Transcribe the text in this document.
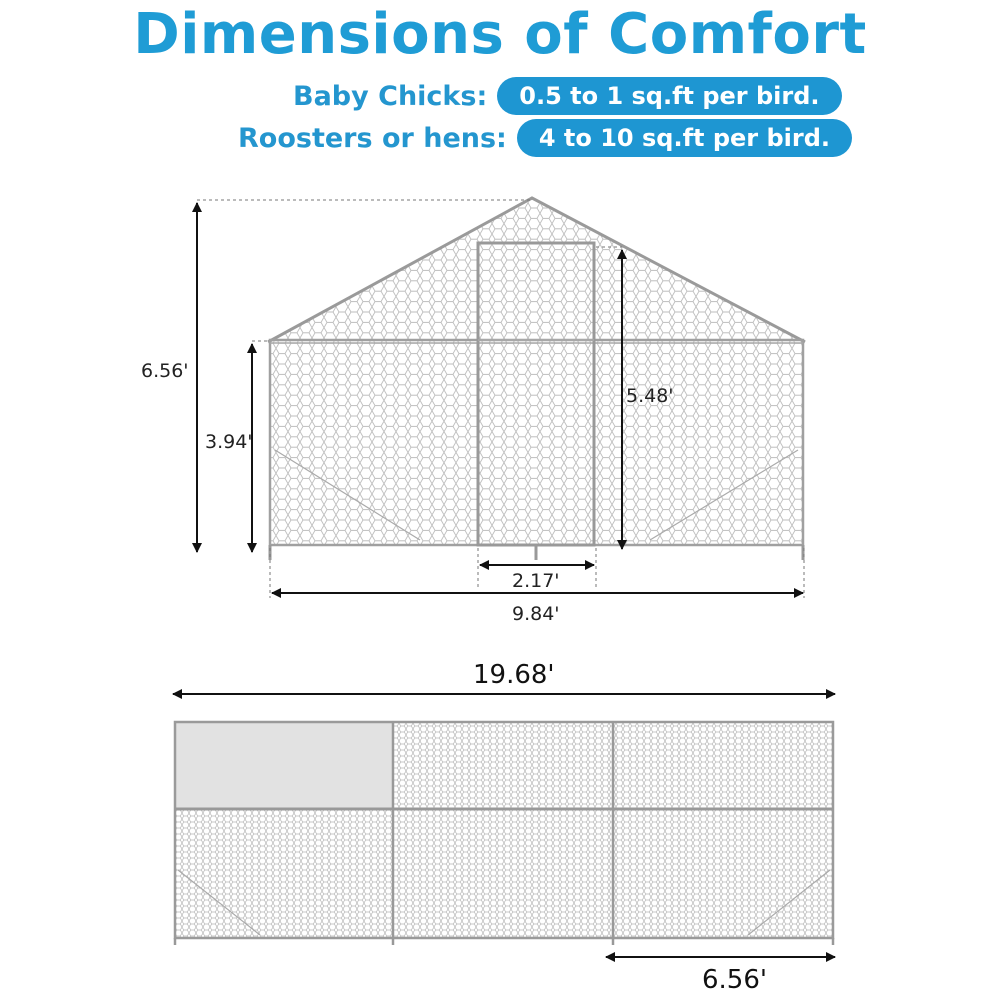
Dimensions of Comfort
Baby Chicks:	0.5 to 1 sq.ft per bird.
Roosters or hens:	4 to 10 sq.ft per bird.
6.56'
3.94'
5.48'
2.17'
9.84'
19.68'
6.56'
